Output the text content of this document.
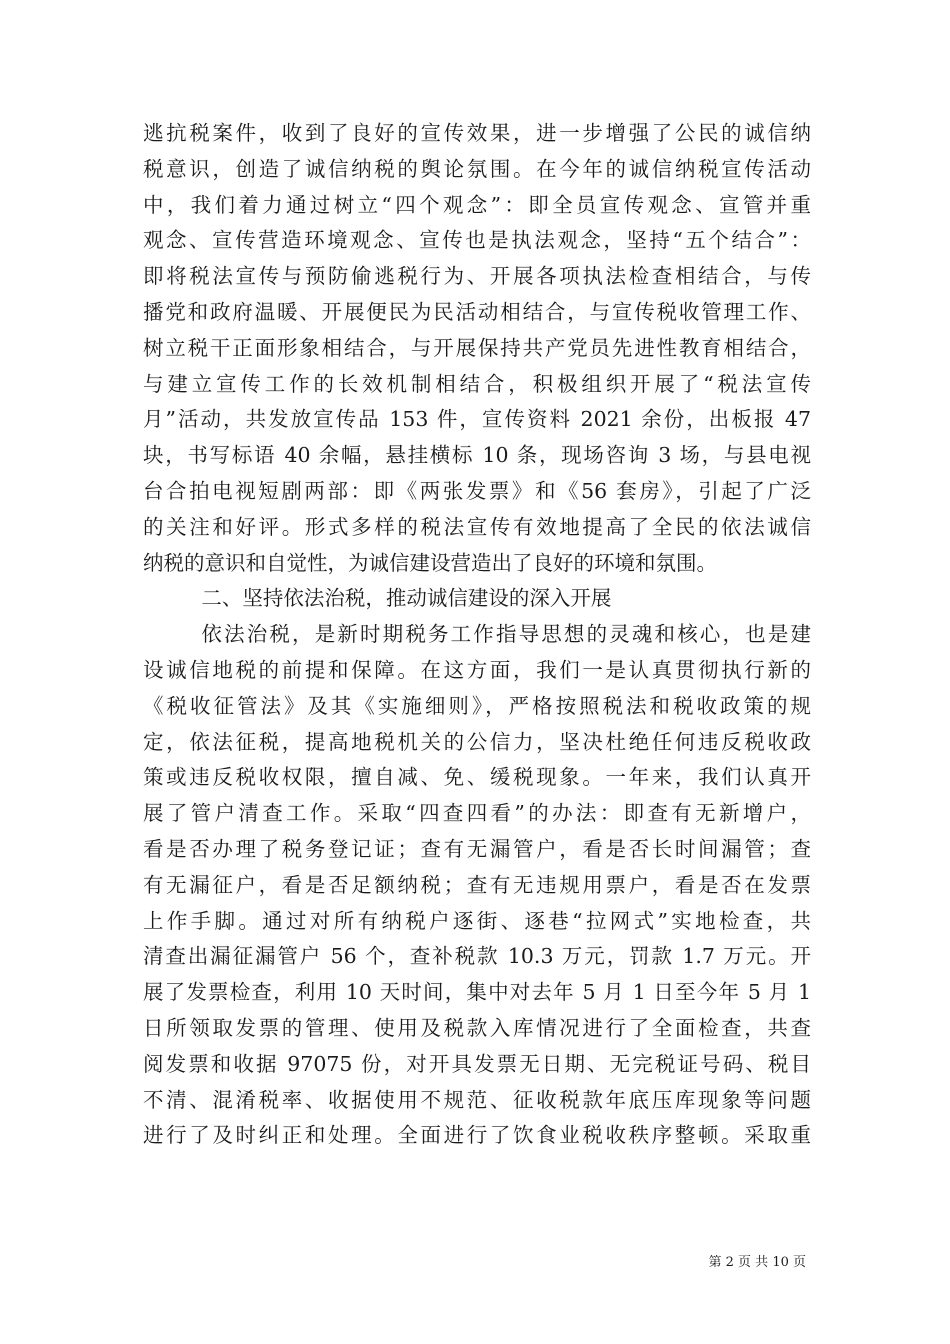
逃抗税案件，收到了良好的宣传效果，进一步增强了公民的诚信纳
税意识，创造了诚信纳税的舆论氛围。在今年的诚信纳税宣传活动
中，我们着力通过树立“四个观念”：即全员宣传观念、宣管并重
观念、宣传营造环境观念、宣传也是执法观念，坚持“五个结合”：
即将税法宣传与预防偷逃税行为、开展各项执法检查相结合，与传
播党和政府温暖、开展便民为民活动相结合，与宣传税收管理工作、
树立税干正面形象相结合，与开展保持共产党员先进性教育相结合，
与建立宣传工作的长效机制相结合，积极组织开展了“税法宣传
月”活动，共发放宣传品 153 件，宣传资料 2021 余份，出板报 47
块，书写标语 40 余幅，悬挂横标 10 条，现场咨询 3 场，与县电视
台合拍电视短剧两部：即《两张发票》和《56 套房》，引起了广泛
的关注和好评。形式多样的税法宣传有效地提高了全民的依法诚信
纳税的意识和自觉性，为诚信建设营造出了良好的环境和氛围。
二、坚持依法治税，推动诚信建设的深入开展
依法治税，是新时期税务工作指导思想的灵魂和核心，也是建
设诚信地税的前提和保障。在这方面，我们一是认真贯彻执行新的
《税收征管法》及其《实施细则》，严格按照税法和税收政策的规
定，依法征税，提高地税机关的公信力，坚决杜绝任何违反税收政
策或违反税收权限，擅自减、免、缓税现象。一年来，我们认真开
展了管户清查工作。采取“四查四看”的办法：即查有无新增户，
看是否办理了税务登记证；查有无漏管户，看是否长时间漏管；查
有无漏征户，看是否足额纳税；查有无违规用票户，看是否在发票
上作手脚。通过对所有纳税户逐街、逐巷“拉网式”实地检查，共
清查出漏征漏管户 56 个，查补税款 10.3 万元，罚款 1.7 万元。开
展了发票检查，利用 10 天时间，集中对去年 5 月 1 日至今年 5 月 1
日所领取发票的管理、使用及税款入库情况进行了全面检查，共查
阅发票和收据 97075 份，对开具发票无日期、无完税证号码、税目
不清、混淆税率、收据使用不规范、征收税款年底压库现象等问题
进行了及时纠正和处理。全面进行了饮食业税收秩序整顿。采取重
第 2 页 共 10 页
